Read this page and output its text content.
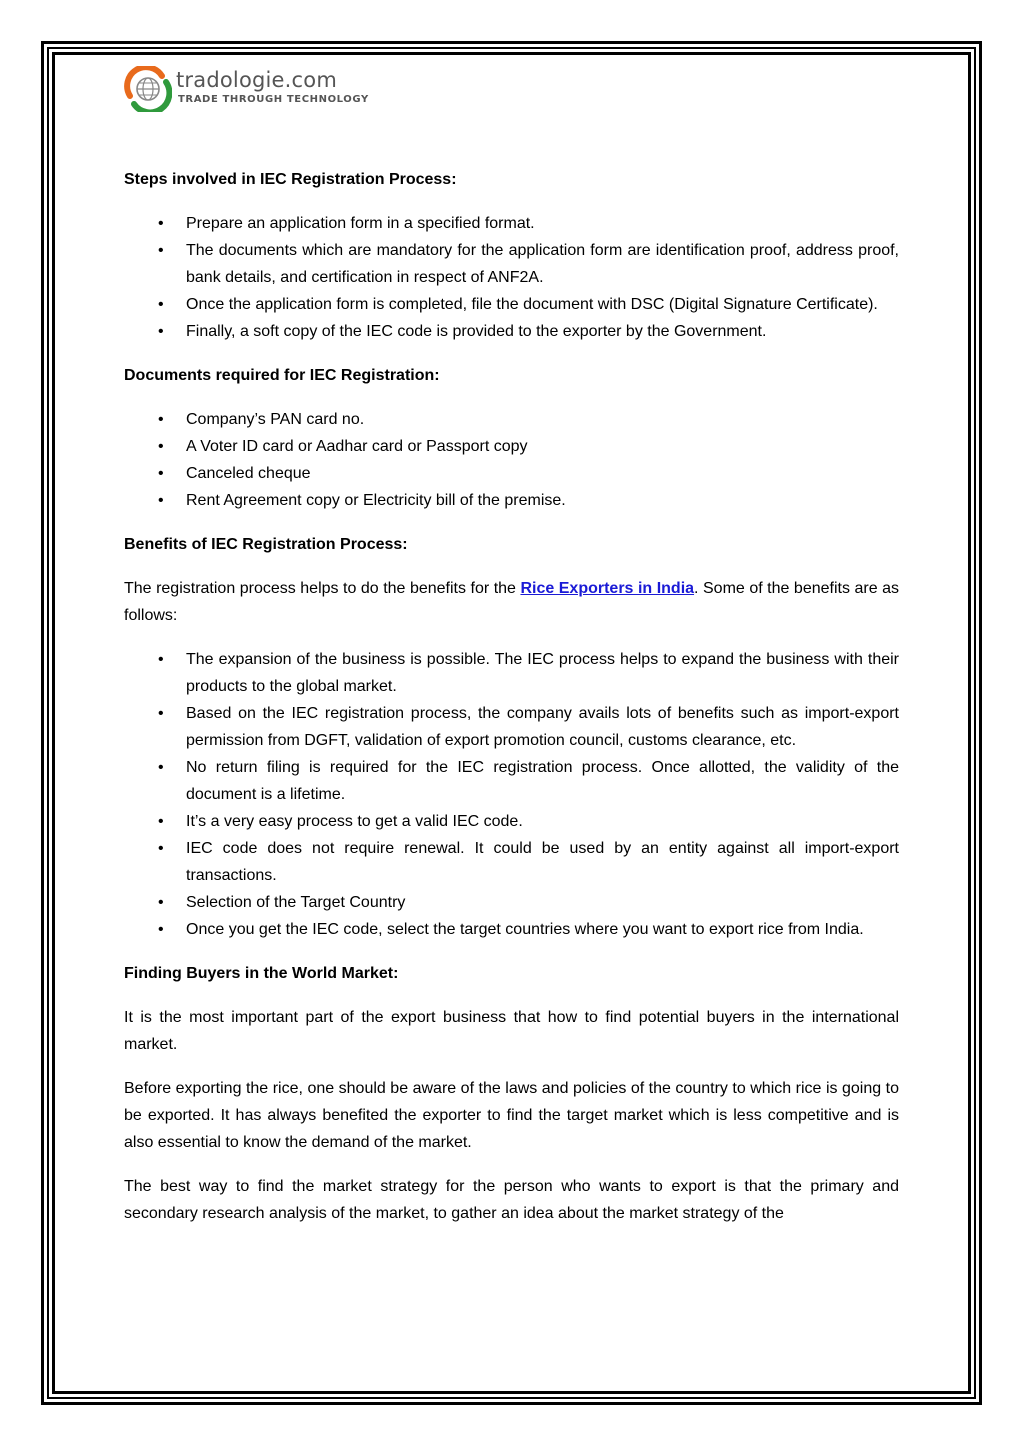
tradologie.com
TRADE THROUGH TECHNOLOGY
Steps involved in IEC Registration Process:
• Prepare an application form in a specified format.
• The documents which are mandatory for the application form are identification proof, address proof, bank details, and certification in respect of ANF2A.
• Once the application form is completed, file the document with DSC (Digital Signature Certificate).
• Finally, a soft copy of the IEC code is provided to the exporter by the Government.
Documents required for IEC Registration:
• Company’s PAN card no.
• A Voter ID card or Aadhar card or Passport copy
• Canceled cheque
• Rent Agreement copy or Electricity bill of the premise.
Benefits of IEC Registration Process:

The registration process helps to do the benefits for the Rice Exporters in India. Some of the benefits are as follows:

• The expansion of the business is possible. The IEC process helps to expand the business with their products to the global market.
• Based on the IEC registration process, the company avails lots of benefits such as import-export permission from DGFT, validation of export promotion council, customs clearance, etc.
• No return filing is required for the IEC registration process. Once allotted, the validity of the document is a lifetime.
• It’s a very easy process to get a valid IEC code.
• IEC code does not require renewal. It could be used by an entity against all import-export transactions.
• Selection of the Target Country
• Once you get the IEC code, select the target countries where you want to export rice from India.
Finding Buyers in the World Market:

It is the most important part of the export business that how to find potential buyers in the international market.

Before exporting the rice, one should be aware of the laws and policies of the country to which rice is going to be exported. It has always benefited the exporter to find the target market which is less competitive and is also essential to know the demand of the market.

The best way to find the market strategy for the person who wants to export is that the primary and secondary research analysis of the market, to gather an idea about the market strategy of the
